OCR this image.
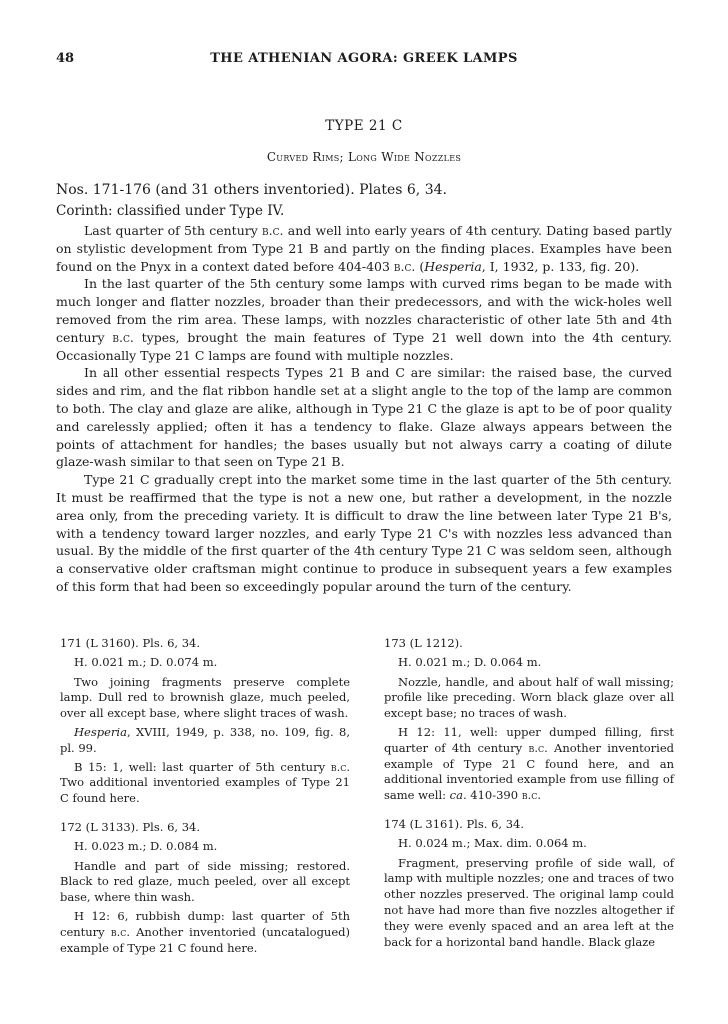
48	THE ATHENIAN AGORA: GREEK LAMPS
TYPE 21 C
Curved Rims; Long Wide Nozzles

Nos. 171-176 (and 31 others inventoried). Plates 6, 34.

Corinth: classified under Type IV.

Last quarter of 5th century b.c. and well into early years of 4th century. Dating based partly on stylistic development from Type 21 B and partly on the finding places. Examples have been found on the Pnyx in a context dated before 404-403 b.c. (Hesperia, I, 1932, p. 133, fig. 20).

In the last quarter of the 5th century some lamps with curved rims began to be made with much longer and flatter nozzles, broader than their predecessors, and with the wick-holes well removed from the rim area. These lamps, with nozzles characteristic of other late 5th and 4th century b.c. types, brought the main features of Type 21 well down into the 4th century. Occasionally Type 21 C lamps are found with multiple nozzles.

In all other essential respects Types 21 B and C are similar: the raised base, the curved sides and rim, and the flat ribbon handle set at a slight angle to the top of the lamp are common to both. The clay and glaze are alike, although in Type 21 C the glaze is apt to be of poor quality and carelessly applied; often it has a tendency to flake. Glaze always appears between the points of attachment for handles; the bases usually but not always carry a coating of dilute glaze-wash similar to that seen on Type 21 B.

Type 21 C gradually crept into the market some time in the last quarter of the 5th century. It must be reaffirmed that the type is not a new one, but rather a development, in the nozzle area only, from the preceding variety. It is difficult to draw the line between later Type 21 B's, with a tendency toward larger nozzles, and early Type 21 C's with nozzles less advanced than usual. By the middle of the first quarter of the 4th century Type 21 C was seldom seen, although a conservative older craftsman might continue to produce in subsequent years a few examples of this form that had been so exceedingly popular around the turn of the century.

171 (L 3160). Pls. 6, 34.

H. 0.021 m.; D. 0.074 m.

Two joining fragments preserve complete lamp. Dull red to brownish glaze, much peeled, over all except base, where slight traces of wash.

Hesperia, XVIII, 1949, p. 338, no. 109, fig. 8, pl. 99.

B 15: 1, well: last quarter of 5th century b.c. Two additional inventoried examples of Type 21 C found here.

172 (L 3133). Pls. 6, 34.

H. 0.023 m.; D. 0.084 m.

Handle and part of side missing; restored. Black to red glaze, much peeled, over all except base, where thin wash.

H 12: 6, rubbish dump: last quarter of 5th century b.c. Another inventoried (uncatalogued) example of Type 21 C found here.

173 (L 1212).

H. 0.021 m.; D. 0.064 m.

Nozzle, handle, and about half of wall missing; profile like preceding. Worn black glaze over all except base; no traces of wash.

H 12: 11, well: upper dumped filling, first quarter of 4th century b.c. Another inventoried example of Type 21 C found here, and an additional inventoried example from use filling of same well: ca. 410-390 b.c.

174 (L 3161). Pls. 6, 34.

H. 0.024 m.; Max. dim. 0.064 m.

Fragment, preserving profile of side wall, of lamp with multiple nozzles; one and traces of two other nozzles preserved. The original lamp could not have had more than five nozzles altogether if they were evenly spaced and an area left at the back for a horizontal band handle. Black glaze
